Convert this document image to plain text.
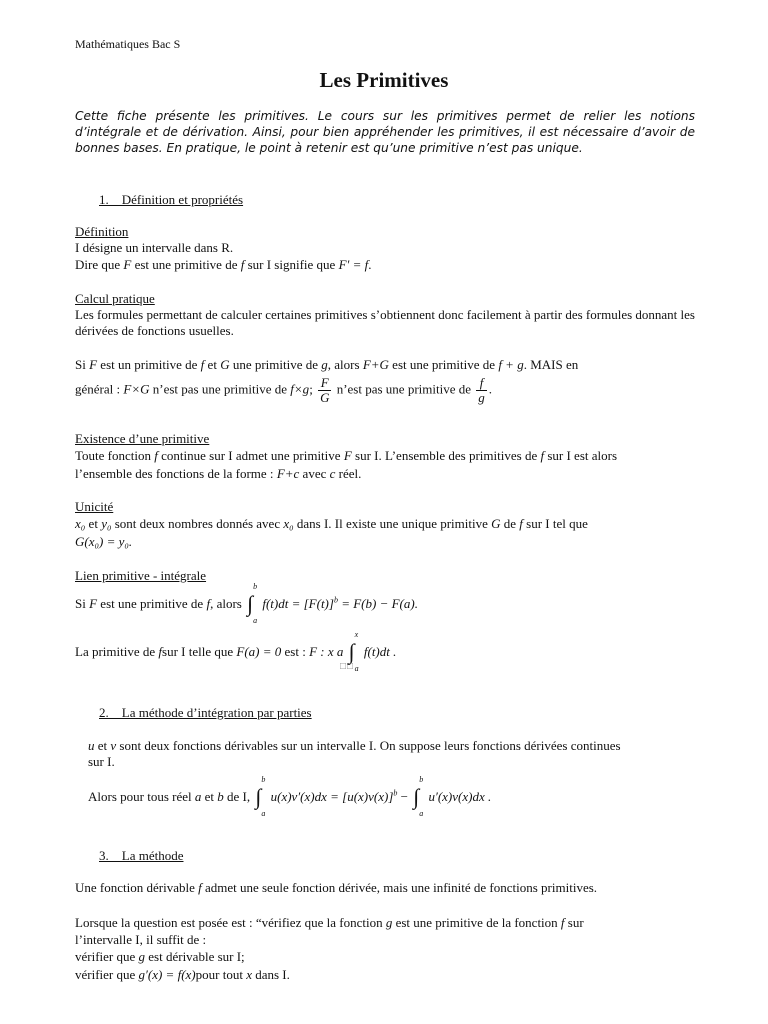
Mathématiques Bac S
Les Primitives
Cette fiche présente les primitives. Le cours sur les primitives permet de relier les notions d’intégrale et de dérivation. Ainsi, pour bien appréhender les primitives, il est nécessaire d’avoir de bonnes bases. En pratique, le point à retenir est qu’une primitive n’est pas unique.
1.    Définition et propriétés
Définition
I désigne un intervalle dans R.
Dire que F est une primitive de f sur I signifie que F′ = f.
Calcul pratique
Les formules permettant de calculer certaines primitives s’obtiennent donc facilement à partir des formules donnant les dérivées de fonctions usuelles.
Si F est un primitive de f et G une primitive de g, alors F+G est une primitive de f + g. MAIS en
général : F×G n’est pas une primitive de f×g; $\frac{F}{G}$ n’est pas une primitive de $\frac{f}{g}$ .
Existence d’une primitive
Toute fonction f continue sur I admet une primitive F sur I. L’ensemble des primitives de f sur I est alors
l’ensemble des fonctions de la forme : F+c avec c réel.
Unicité
x₀ et y₀ sont deux nombres donnés avec x₀ dans I. Il existe une unique primitive G de f sur I tel que
G(x₀) = y₀.
Lien primitive - intégrale
Si F est une primitive de f, alors ∫
b
a
$f(t)dt = [F(t)]^b = F(b) - F(a)$.
La primitive de fsur I telle que F(a) = 0 est : F : x a ∫
x
a
f(t)dt .
□□
2.    La méthode d’intégration par parties
u et v sont deux fonctions dérivables sur un intervalle I. On suppose leurs fonctions dérivées continues
sur I.
Alors pour tous réel a et b de I, ∫
b
a
$u(x)v'(x)dx = [u(x)v(x)]^b$ − ∫
b
a
u′(x)v(x)dx .
3.    La méthode
Une fonction dérivable f admet une seule fonction dérivée, mais une infinité de fonctions primitives.
Lorsque la question est posée est : “vérifiez que la fonction g est une primitive de la fonction f sur
l’intervalle I, il suffit de :
vérifier que g est dérivable sur I;
vérifier que g′(x) = f(x)pour tout x dans I.
